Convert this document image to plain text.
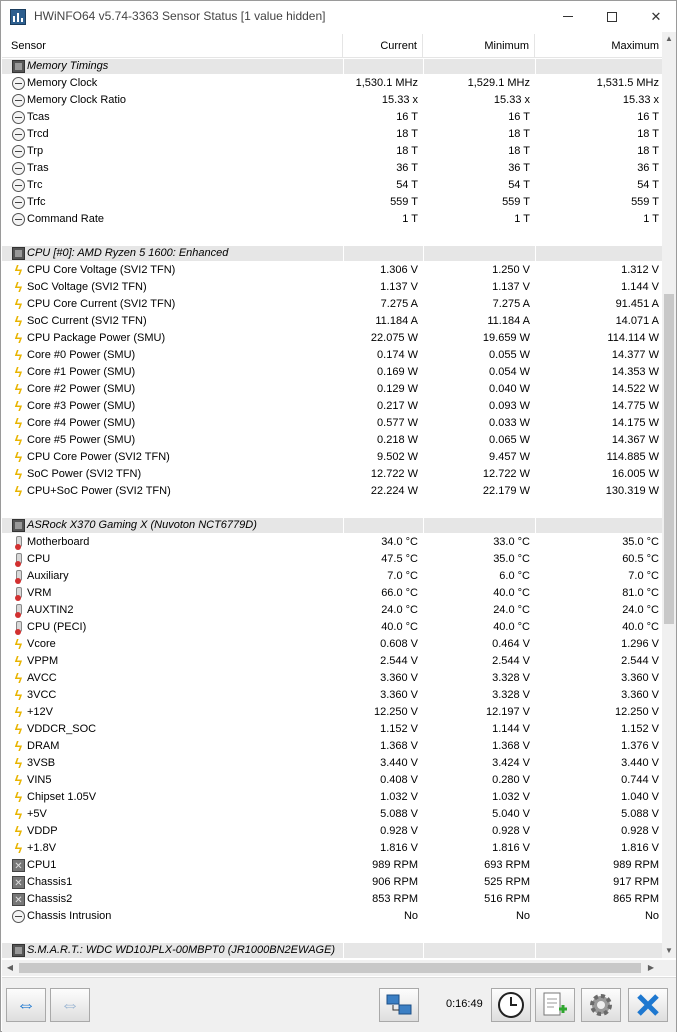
HWiNFO64 v5.74-3363 Sensor Status [1 value hidden]	✕
Sensor	Current	Minimum	Maximum
Memory Timings
Memory Clock	1,530.1 MHz	1,529.1 MHz	1,531.5 MHz
Memory Clock Ratio	15.33 x	15.33 x	15.33 x
Tcas	16 T	16 T	16 T
Trcd	18 T	18 T	18 T
Trp	18 T	18 T	18 T
Tras	36 T	36 T	36 T
Trc	54 T	54 T	54 T
Trfc	559 T	559 T	559 T
Command Rate	1 T	1 T	1 T
CPU [#0]: AMD Ryzen 5 1600: Enhanced
ϟ CPU Core Voltage (SVI2 TFN)	1.306 V	1.250 V	1.312 V
ϟ SoC Voltage (SVI2 TFN)	1.137 V	1.137 V	1.144 V
ϟ CPU Core Current (SVI2 TFN)	7.275 A	7.275 A	91.451 A
ϟ SoC Current (SVI2 TFN)	11.184 A	11.184 A	14.071 A
ϟ CPU Package Power (SMU)	22.075 W	19.659 W	114.114 W
ϟ Core #0 Power (SMU)	0.174 W	0.055 W	14.377 W
ϟ Core #1 Power (SMU)	0.169 W	0.054 W	14.353 W
ϟ Core #2 Power (SMU)	0.129 W	0.040 W	14.522 W
ϟ Core #3 Power (SMU)	0.217 W	0.093 W	14.775 W
ϟ Core #4 Power (SMU)	0.577 W	0.033 W	14.175 W
ϟ Core #5 Power (SMU)	0.218 W	0.065 W	14.367 W
ϟ CPU Core Power (SVI2 TFN)	9.502 W	9.457 W	114.885 W
ϟ SoC Power (SVI2 TFN)	12.722 W	12.722 W	16.005 W
ϟ CPU+SoC Power (SVI2 TFN)	22.224 W	22.179 W	130.319 W
ASRock X370 Gaming X (Nuvoton NCT6779D)
Motherboard	34.0 °C	33.0 °C	35.0 °C
CPU	47.5 °C	35.0 °C	60.5 °C
Auxiliary	7.0 °C	6.0 °C	7.0 °C
VRM	66.0 °C	40.0 °C	81.0 °C
AUXTIN2	24.0 °C	24.0 °C	24.0 °C
CPU (PECI)	40.0 °C	40.0 °C	40.0 °C
ϟ Vcore	0.608 V	0.464 V	1.296 V
ϟ VPPM	2.544 V	2.544 V	2.544 V
ϟ AVCC	3.360 V	3.328 V	3.360 V
ϟ 3VCC	3.360 V	3.328 V	3.360 V
ϟ +12V	12.250 V	12.197 V	12.250 V
ϟ VDDCR_SOC	1.152 V	1.144 V	1.152 V
ϟ DRAM	1.368 V	1.368 V	1.376 V
ϟ 3VSB	3.440 V	3.424 V	3.440 V
ϟ VIN5	0.408 V	0.280 V	0.744 V
ϟ Chipset 1.05V	1.032 V	1.032 V	1.040 V
ϟ +5V	5.088 V	5.040 V	5.088 V
ϟ VDDP	0.928 V	0.928 V	0.928 V
ϟ +1.8V	1.816 V	1.816 V	1.816 V
✕
CPU1	989 RPM	693 RPM	989 RPM
✕
Chassis1	906 RPM	525 RPM	917 RPM
✕
Chassis2	853 RPM	516 RPM	865 RPM
Chassis Intrusion	No	No	No
S.M.A.R.T.: WDC WD10JPLX-00MBPT0 (JR1000BN2EWAGE)
▲
▼
◀	▶
⇔ ⇔	0:16:49
